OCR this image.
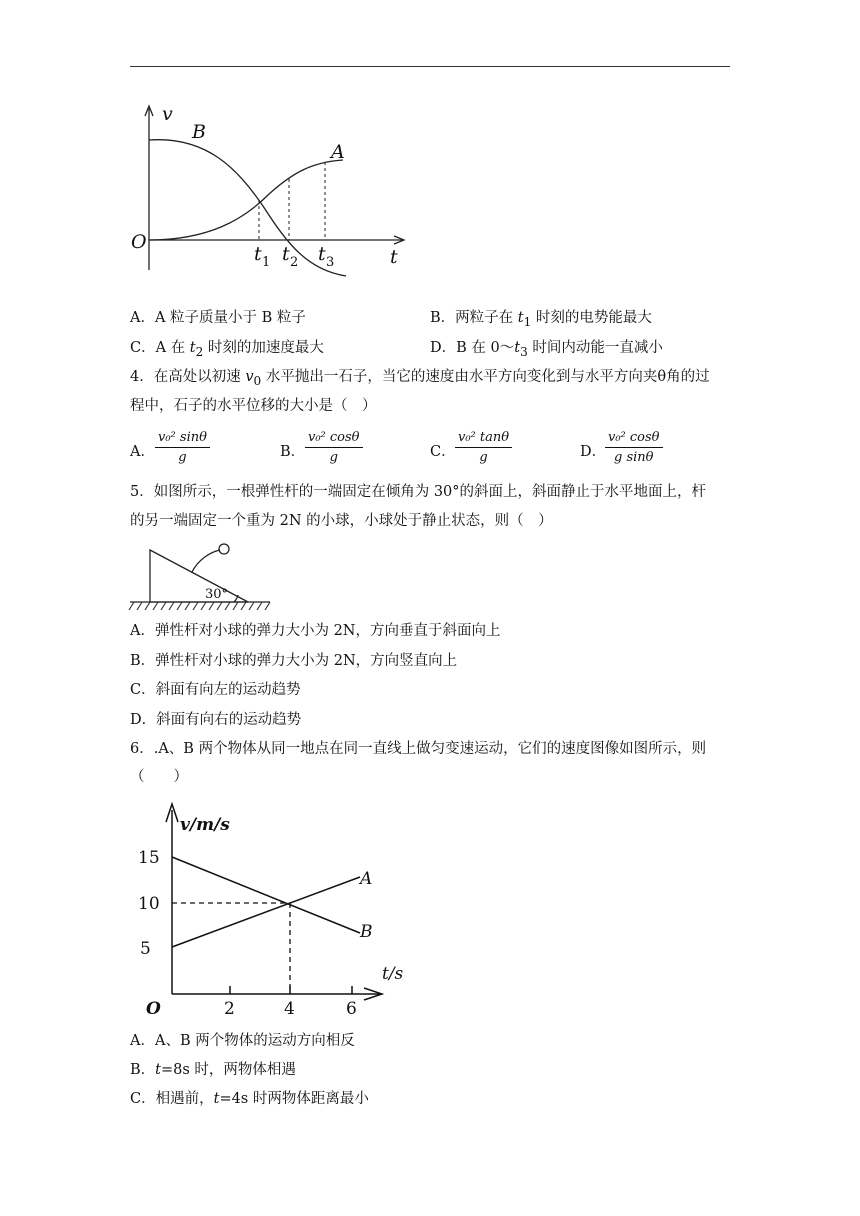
v
B
A
O
t
t t t
1 2 3
A．A 粒子质量小于 B 粒子	B．两粒子在 $t_1$ 时刻的电势能最大
C．A 在 $t_2$ 时刻的加速度最大	D．B 在 $0\sim t_3$ 时间内动能一直减小
4．在高处以初速 $v_0$ 水平抛出一石子，当它的速度由水平方向变化到与水平方向夹θ角的过
程中，石子的水平位移的大小是（　）
A． $\frac{\text{v₀² sinθ}}{g}$	B． $\frac{\text{v₀² cosθ}}{g}$	C． $\frac{\text{v₀² tanθ}}{g}$	D．
$\frac{\text{v₀² cosθ}}{\text{g sinθ}}$
5．如图所示，一根弹性杆的一端固定在倾角为 30°的斜面上，斜面静止于水平地面上，杆
的另一端固定一个重为 2N 的小球，小球处于静止状态，则（　）
30°
A．弹性杆对小球的弹力大小为 2N，方向垂直于斜面向上
B．弹性杆对小球的弹力大小为 2N，方向竖直向上
C．斜面有向左的运动趋势
D．斜面有向右的运动趋势
6．.A、B 两个物体从同一地点在同一直线上做匀变速运动，它们的速度图像如图所示，则
（　　）
v/m/s
t/s
O
15
10
5
2	4	6
A
B
A．A、B 两个物体的运动方向相反
B．t=8s 时，两物体相遇
C．相遇前，t=4s 时两物体距离最小
